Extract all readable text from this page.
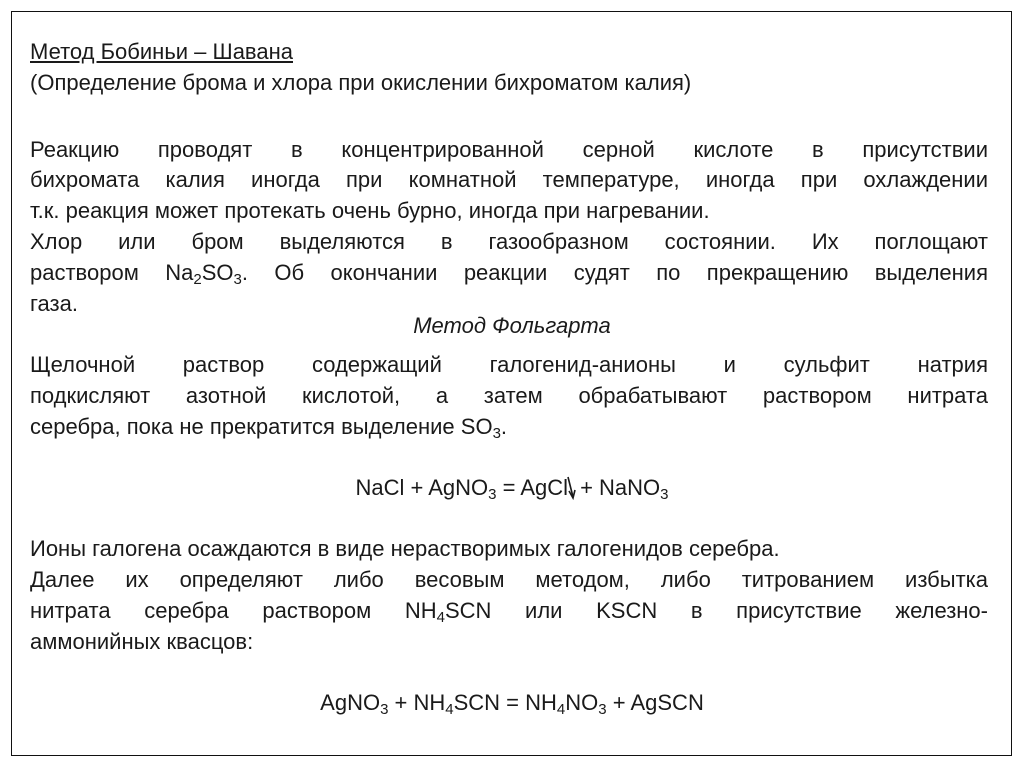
Метод Бобиньи – Шавана
(Определение брома и хлора при окислении бихроматом калия)
Реакцию проводят в концентрированной серной кислоте в присутствии
бихромата калия иногда при комнатной температуре, иногда при охлаждении
т.к. реакция может протекать очень бурно, иногда при нагревании.
Хлор или бром выделяются в газообразном состоянии. Их поглощают
раствором $Na_2SO_3$. Об окончании реакции судят по прекращению выделения
газа.
Метод Фольгарта
Щелочной раствор содержащий галогенид-анионы и сульфит натрия
подкисляют азотной кислотой, а затем обрабатывают раствором нитрата
серебра, пока не прекратится выделение $SO_3$.
NaCl + AgNO$_3$ = AgCl + NaNO$_3$
Ионы галогена осаждаются в виде нерастворимых галогенидов серебра.
Далее их определяют либо весовым методом, либо титрованием избытка
нитрата серебра раствором $NH_4SCN$ или KSCN в присутствие железно-
аммонийных квасцов:
AgNO$_3$ + $NH_4SCN = NH_4NO_3$ + AgSCN
